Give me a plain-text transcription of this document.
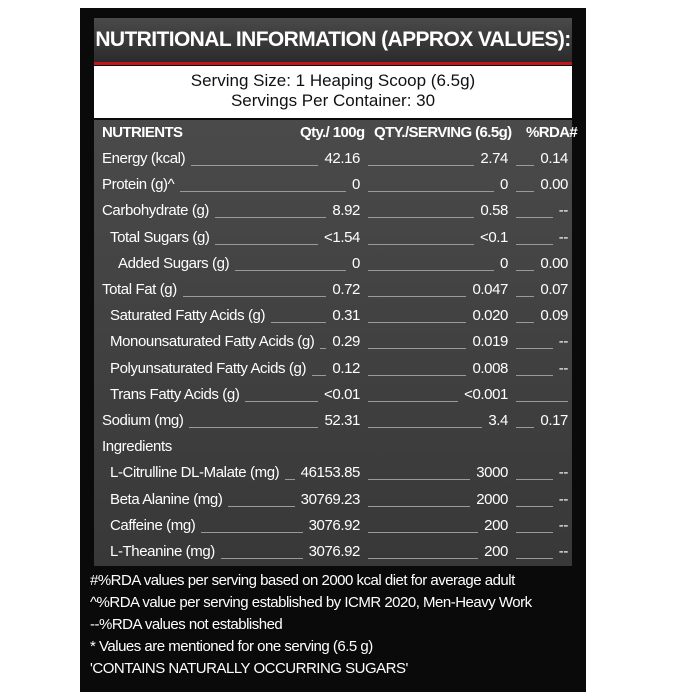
NUTRITIONAL INFORMATION (APPROX VALUES):
Serving Size: 1 Heaping Scoop (6.5g)
Servings Per Container: 30
NUTRIENTS	Qty./ 100g QTY./SERVING (6.5g) %RDA#
Energy (kcal)	42.16	2.74 0.14
Protein (g)^	0	0 0.00
Carbohydrate (g)	8.92	0.58	--
Total Sugars (g)	<1.54	<0.1	--
Added Sugars (g)	0	0 0.00
Total Fat (g)	0.72	0.047 0.07
Saturated Fatty Acids (g)	0.31	0.020 0.09
Monounsaturated Fatty Acids (g) 0.29	0.019	--
Polyunsaturated Fatty Acids (g) 0.12	0.008	--
Trans Fatty Acids (g)	<0.01	<0.001
Sodium (mg)	52.31	3.4 0.17
Ingredients
L-Citrulline DL-Malate (mg) 46153.85	3000	--
Beta Alanine (mg)	30769.23	2000	--
Caffeine (mg)	3076.92	200	--
L-Theanine (mg)	3076.92	200	--
PM3361
#%RDA values per serving based on 2000 kcal diet for average adult
^%RDA value per serving established by ICMR 2020, Men-Heavy Work
--%RDA values not established
* Values are mentioned for one serving (6.5 g)
'CONTAINS NATURALLY OCCURRING SUGARS'
